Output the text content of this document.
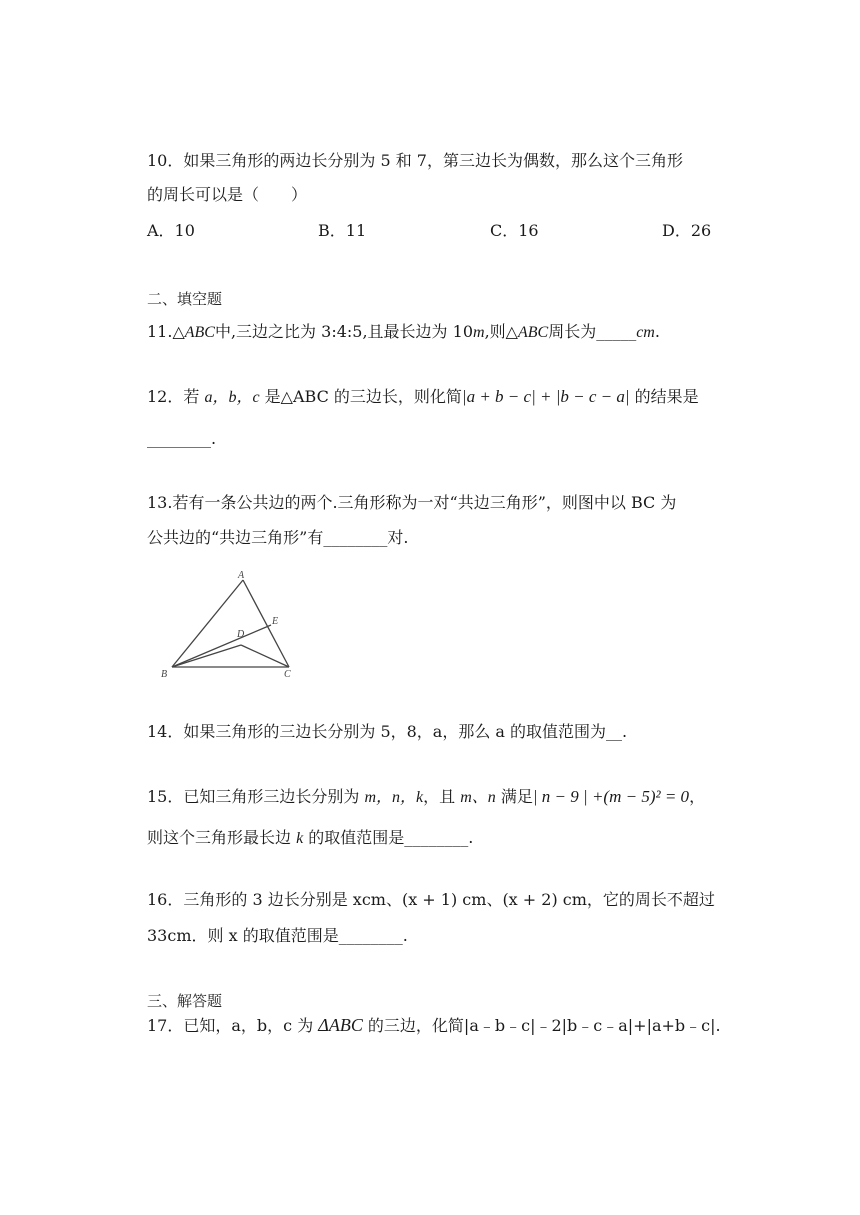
10．如果三角形的两边长分别为 5 和 7，第三边长为偶数，那么这个三角形
的周长可以是（　　）
A．10	B．11	C．16	D．26
二、填空题
11.△ABC中,三边之比为 3:4:5,且最长边为 10m,则△ABC周长为_____cm.
12．若 a，b，c 是△ABC 的三边长，则化简|a + b − c| + |b − c − a| 的结果是
________.
13.若有一条公共边的两个.三角形称为一对“共边三角形”，则图中以 BC 为
公共边的“共边三角形”有________对.
A
D
E
B	C
14．如果三角形的三边长分别为 5，8，a，那么 a 的取值范围为__.
15．已知三角形三边长分别为 m，n，k，且 m、n 满足| n − 9 | +(m − 5)² = 0，
则这个三角形最长边 k 的取值范围是________.
16．三角形的 3 边长分别是 xcm、(x + 1) cm、(x + 2) cm，它的周长不超过
33cm．则 x 的取值范围是________.
三、解答题
17．已知，a，b，c 为 ΔABC 的三边，化简|a﹣b﹣c|﹣2|b﹣c﹣a|+|a+b﹣c|.
